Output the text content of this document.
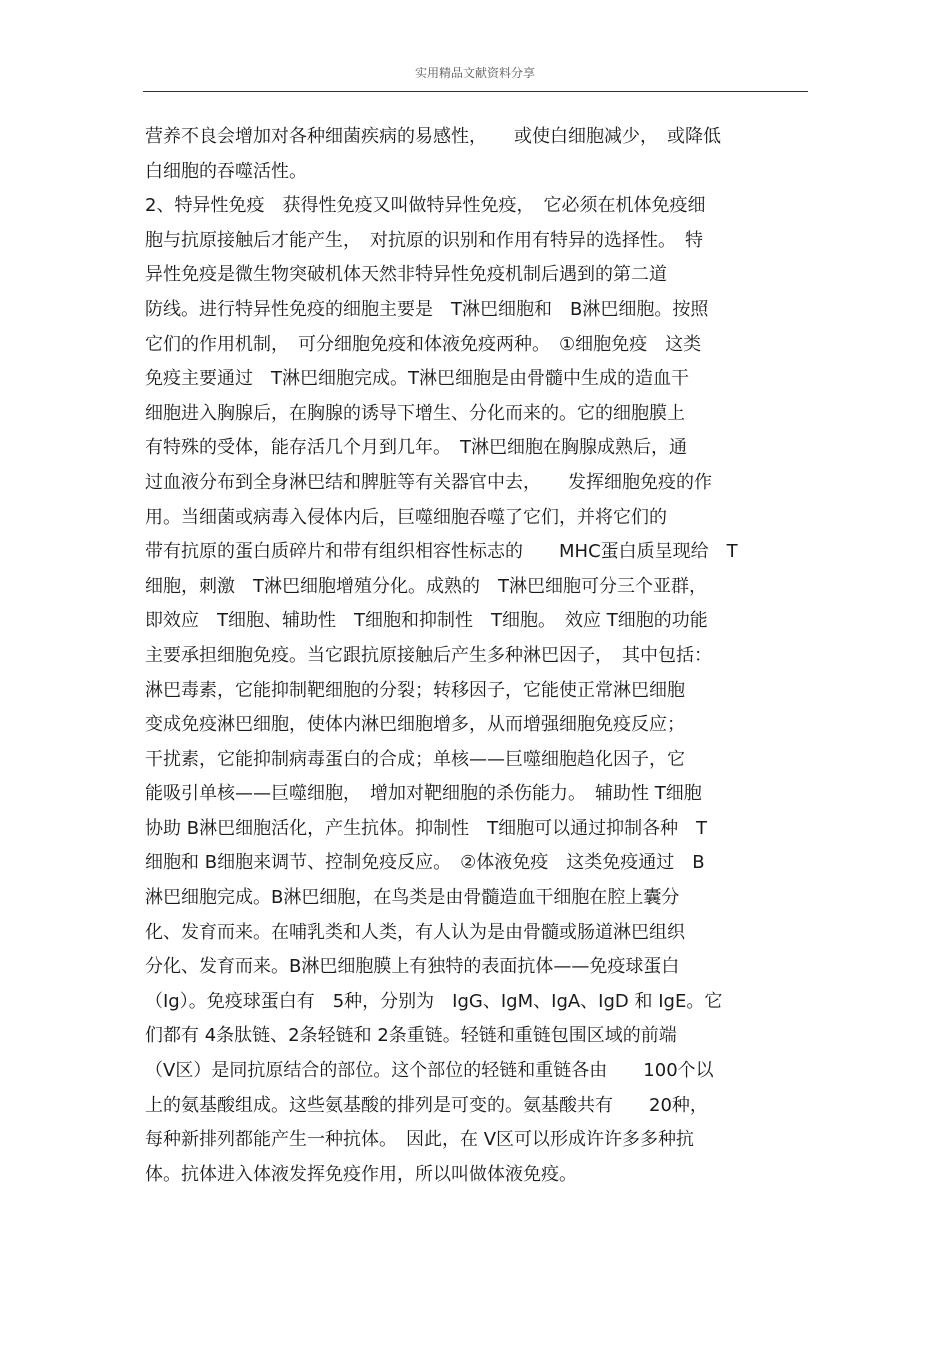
实用精品文献资料分享
营养不良会增加对各种细菌疾病的易感性，　　或使白细胞减少，　或降低
白细胞的吞噬活性。
2、特异性免疫　获得性免疫又叫做特异性免疫，　它必须在机体免疫细
胞与抗原接触后才能产生，　对抗原的识别和作用有特异的选择性。　特
异性免疫是微生物突破机体天然非特异性免疫机制后遇到的第二道
防线。进行特异性免疫的细胞主要是　T淋巴细胞和　B淋巴细胞。按照
它们的作用机制，　可分细胞免疫和体液免疫两种。　①细胞免疫　这类
免疫主要通过　T淋巴细胞完成。T淋巴细胞是由骨髓中生成的造血干
细胞进入胸腺后，在胸腺的诱导下增生、分化而来的。它的细胞膜上
有特殊的受体，能存活几个月到几年。　T淋巴细胞在胸腺成熟后，通
过血液分布到全身淋巴结和脾脏等有关器官中去，　　发挥细胞免疫的作
用。当细菌或病毒入侵体内后，巨噬细胞吞噬了它们，并将它们的
带有抗原的蛋白质碎片和带有组织相容性标志的　　MHC蛋白质呈现给　T
细胞，刺激　T淋巴细胞增殖分化。成熟的　T淋巴细胞可分三个亚群，
即效应　T细胞、辅助性　T细胞和抑制性　T细胞。　效应 T细胞的功能
主要承担细胞免疫。当它跟抗原接触后产生多种淋巴因子，　其中包括：
淋巴毒素，它能抑制靶细胞的分裂；转移因子，它能使正常淋巴细胞
变成免疫淋巴细胞，使体内淋巴细胞增多，从而增强细胞免疫反应；
干扰素，它能抑制病毒蛋白的合成；单核——巨噬细胞趋化因子，它
能吸引单核——巨噬细胞，　增加对靶细胞的杀伤能力。　辅助性 T细胞
协助 B淋巴细胞活化，产生抗体。抑制性　T细胞可以通过抑制各种　T
细胞和 B细胞来调节、控制免疫反应。　②体液免疫　这类免疫通过　B
淋巴细胞完成。B淋巴细胞，在鸟类是由骨髓造血干细胞在腔上囊分
化、发育而来。在哺乳类和人类，有人认为是由骨髓或肠道淋巴组织
分化、发育而来。B淋巴细胞膜上有独特的表面抗体——免疫球蛋白
（Ig）。免疫球蛋白有　5种，分别为　IgG、IgM、IgA、IgD 和 IgE。它
们都有 4条肽链、2条轻链和 2条重链。轻链和重链包围区域的前端
（V区）是同抗原结合的部位。这个部位的轻链和重链各由　　100个以
上的氨基酸组成。这些氨基酸的排列是可变的。氨基酸共有　　20种，
每种新排列都能产生一种抗体。　因此，在 V区可以形成许许多多种抗
体。抗体进入体液发挥免疫作用，所以叫做体液免疫。
